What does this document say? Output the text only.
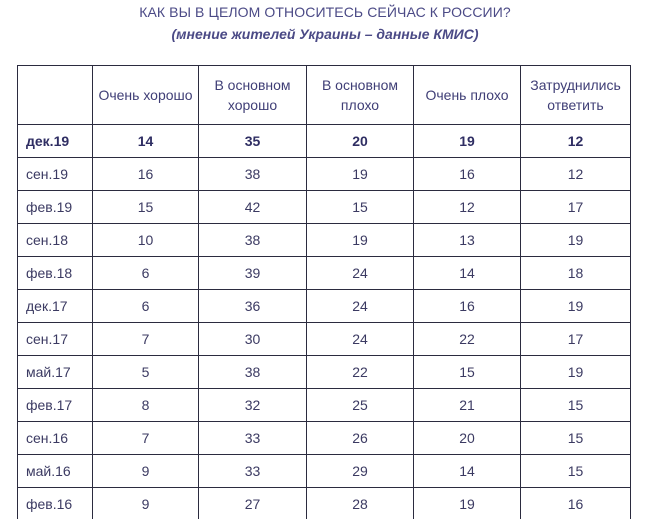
КАК ВЫ В ЦЕЛОМ ОТНОСИТЕСЬ СЕЙЧАС К РОССИИ?
(мнение жителей Украины – данные КМИС)
	Очень хорошо	В основном хорошо	В основном плохо	Очень плохо	Затруднились ответить
дек.19	14	35	20	19	12
сен.19	16	38	19	16	12
фев.19	15	42	15	12	17
сен.18	10	38	19	13	19
фев.18	6	39	24	14	18
дек.17	6	36	24	16	19
сен.17	7	30	24	22	17
май.17	5	38	22	15	19
фев.17	8	32	25	21	15
сен.16	7	33	26	20	15
май.16	9	33	29	14	15
фев.16	9	27	28	19	16
